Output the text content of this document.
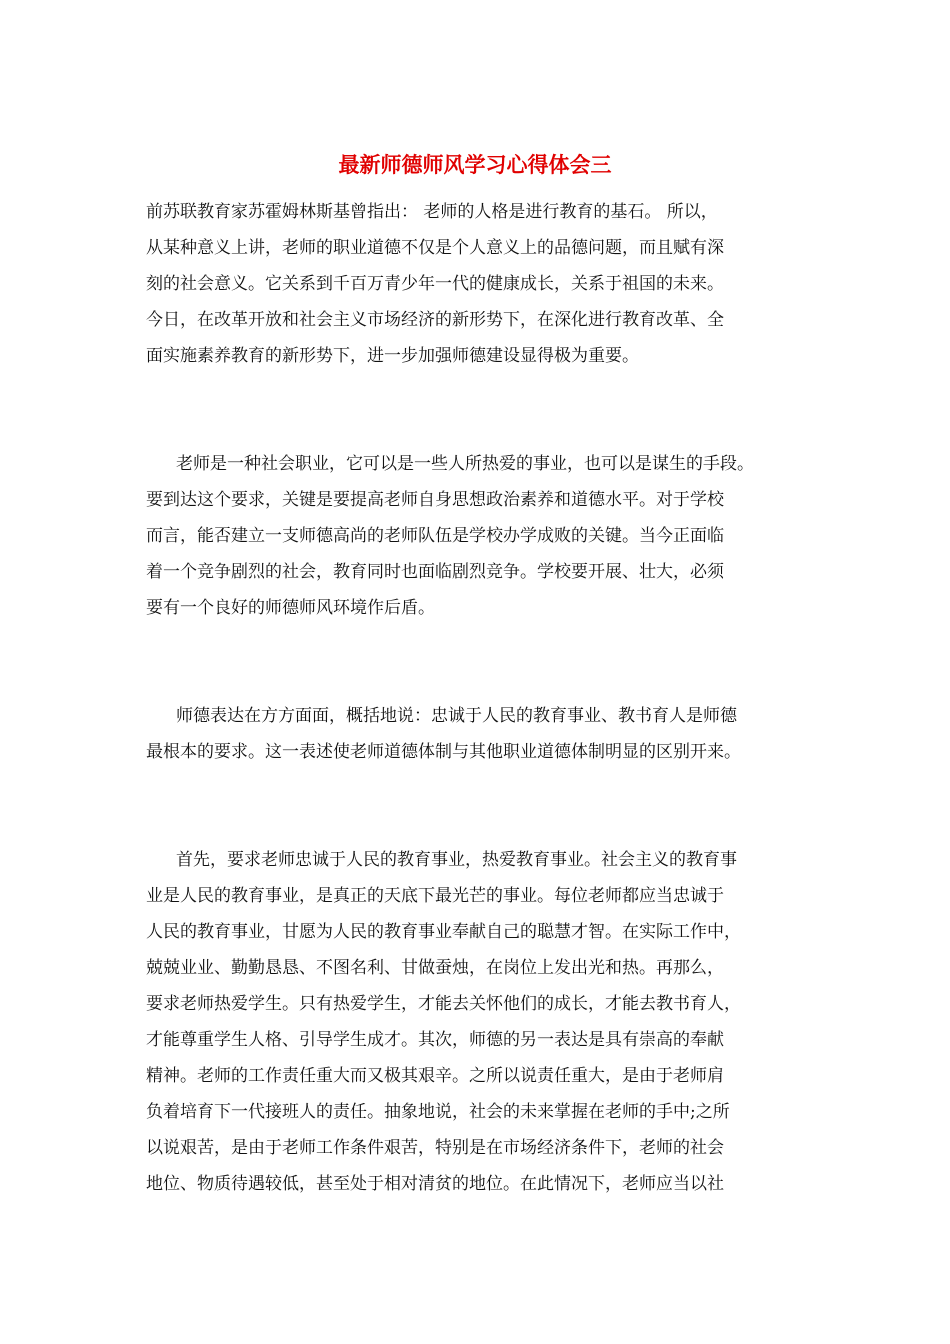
最新师德师风学习心得体会三
前苏联教育家苏霍姆林斯基曾指出： 老师的人格是进行教育的基石。 所以，
从某种意义上讲，老师的职业道德不仅是个人意义上的品德问题，而且赋有深
刻的社会意义。它关系到千百万青少年一代的健康成长，关系于祖国的未来。
今日，在改革开放和社会主义市场经济的新形势下，在深化进行教育改革、全
面实施素养教育的新形势下，进一步加强师德建设显得极为重要。
老师是一种社会职业，它可以是一些人所热爱的事业，也可以是谋生的手段。
要到达这个要求，关键是要提高老师自身思想政治素养和道德水平。对于学校
而言，能否建立一支师德高尚的老师队伍是学校办学成败的关键。当今正面临
着一个竞争剧烈的社会，教育同时也面临剧烈竞争。学校要开展、壮大，必须
要有一个良好的师德师风环境作后盾。
师德表达在方方面面，概括地说：忠诚于人民的教育事业、教书育人是师德
最根本的要求。这一表述使老师道德体制与其他职业道德体制明显的区别开来。
首先，要求老师忠诚于人民的教育事业，热爱教育事业。社会主义的教育事
业是人民的教育事业，是真正的天底下最光芒的事业。每位老师都应当忠诚于
人民的教育事业，甘愿为人民的教育事业奉献自己的聪慧才智。在实际工作中，
兢兢业业、勤勤恳恳、不图名利、甘做蚕烛，在岗位上发出光和热。再那么，
要求老师热爱学生。只有热爱学生，才能去关怀他们的成长，才能去教书育人，
才能尊重学生人格、引导学生成才。其次，师德的另一表达是具有崇高的奉献
精神。老师的工作责任重大而又极其艰辛。之所以说责任重大，是由于老师肩
负着培育下一代接班人的责任。抽象地说，社会的未来掌握在老师的手中;之所
以说艰苦，是由于老师工作条件艰苦，特别是在市场经济条件下，老师的社会
地位、物质待遇较低，甚至处于相对清贫的地位。在此情况下，老师应当以社
